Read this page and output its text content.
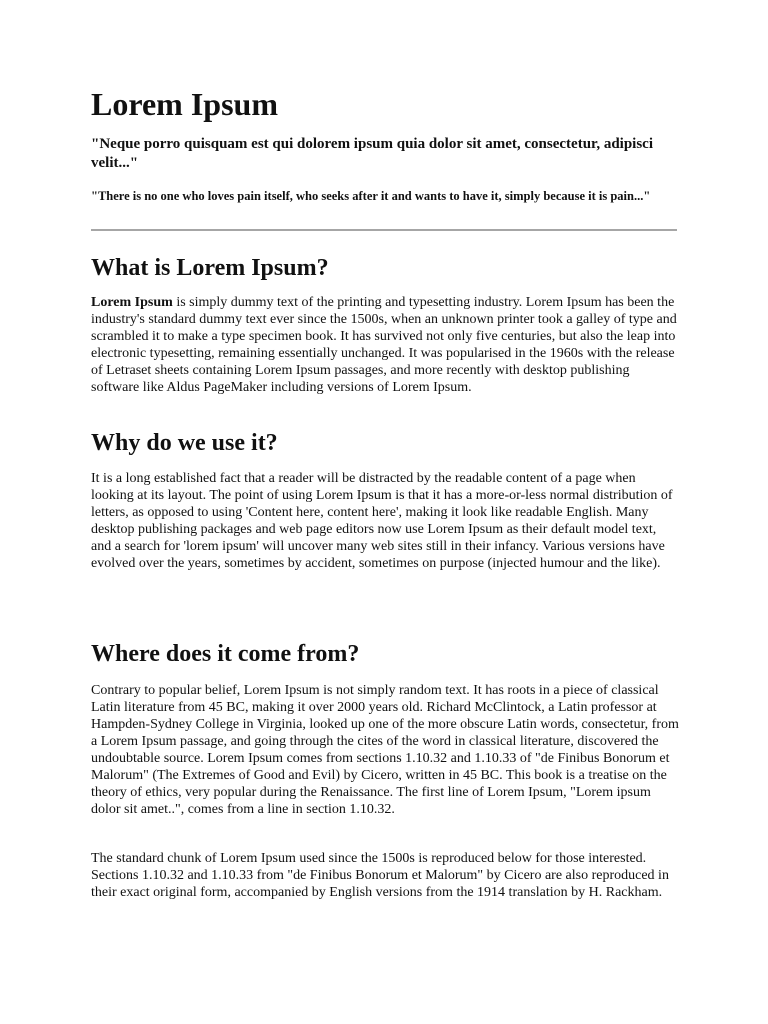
Lorem Ipsum

"Neque porro quisquam est qui dolorem ipsum quia dolor sit amet, consectetur, adipisci velit..."

"There is no one who loves pain itself, who seeks after it and wants to have it, simply because it is pain..."

What is Lorem Ipsum?

Lorem Ipsum is simply dummy text of the printing and typesetting industry. Lorem Ipsum has been the industry's standard dummy text ever since the 1500s, when an unknown printer took a galley of type and scrambled it to make a type specimen book. It has survived not only five centuries, but also the leap into electronic typesetting, remaining essentially unchanged. It was popularised in the 1960s with the release of Letraset sheets containing Lorem Ipsum passages, and more recently with desktop publishing software like Aldus PageMaker including versions of Lorem Ipsum.

Why do we use it?

It is a long established fact that a reader will be distracted by the readable content of a page when looking at its layout. The point of using Lorem Ipsum is that it has a more-or-less normal distribution of letters, as opposed to using 'Content here, content here', making it look like readable English. Many desktop publishing packages and web page editors now use Lorem Ipsum as their default model text, and a search for 'lorem ipsum' will uncover many web sites still in their infancy. Various versions have evolved over the years, sometimes by accident, sometimes on purpose (injected humour and the like).

Where does it come from?

Contrary to popular belief, Lorem Ipsum is not simply random text. It has roots in a piece of classical Latin literature from 45 BC, making it over 2000 years old. Richard McClintock, a Latin professor at Hampden-Sydney College in Virginia, looked up one of the more obscure Latin words, consectetur, from a Lorem Ipsum passage, and going through the cites of the word in classical literature, discovered the undoubtable source. Lorem Ipsum comes from sections 1.10.32 and 1.10.33 of "de Finibus Bonorum et Malorum" (The Extremes of Good and Evil) by Cicero, written in 45 BC. This book is a treatise on the theory of ethics, very popular during the Renaissance. The first line of Lorem Ipsum, "Lorem ipsum dolor sit amet..", comes from a line in section 1.10.32.

The standard chunk of Lorem Ipsum used since the 1500s is reproduced below for those interested. Sections 1.10.32 and 1.10.33 from "de Finibus Bonorum et Malorum" by Cicero are also reproduced in their exact original form, accompanied by English versions from the 1914 translation by H. Rackham.
